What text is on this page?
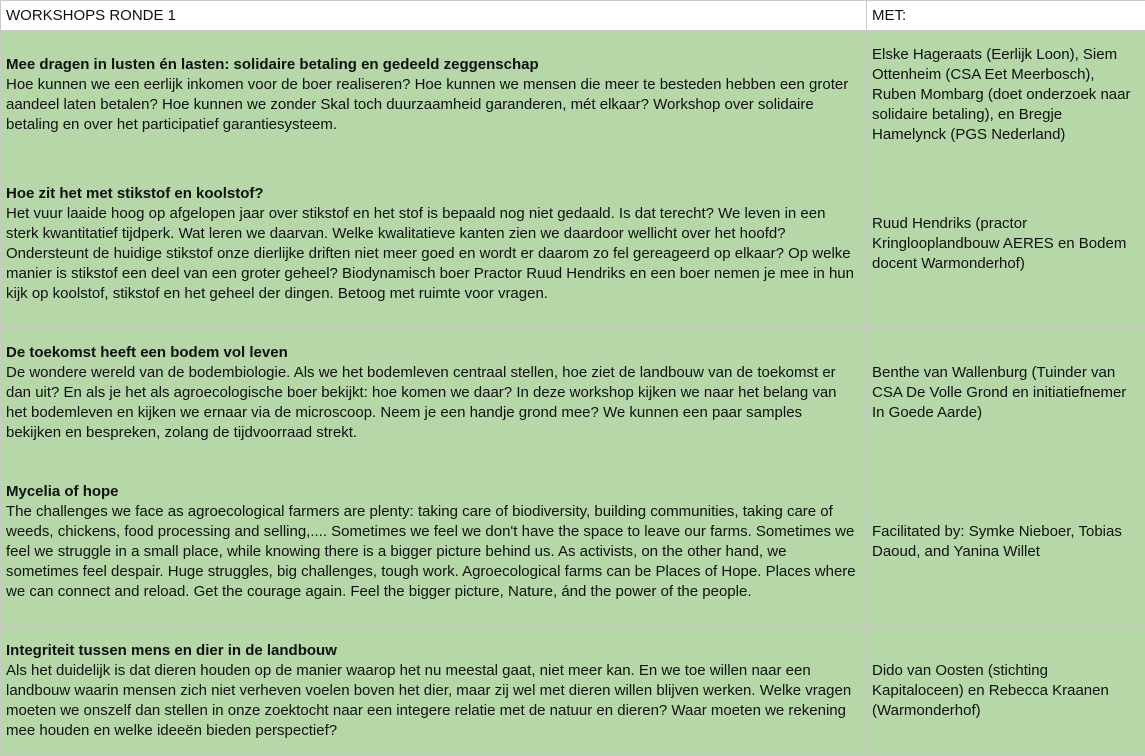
WORKSHOPS RONDE 1	MET:

Mee dragen in lusten én lasten: solidaire betaling en gedeeld zeggenschap
Hoe kunnen we een eerlijk inkomen voor de boer realiseren? Hoe kunnen we mensen die meer te besteden hebben een groter aandeel laten betalen? Hoe kunnen we zonder Skal toch duurzaamheid garanderen, mét elkaar? Workshop over solidaire betaling en over het participatief garantiesysteem.	Elske Hageraats (Eerlijk Loon), Siem Ottenheim (CSA Eet Meerbosch), Ruben Mombarg (doet onderzoek naar solidaire betaling), en Bregje Hamelynck (PGS Nederland)

Hoe zit het met stikstof en koolstof?
Het vuur laaide hoog op afgelopen jaar over stikstof en het stof is bepaald nog niet gedaald. Is dat terecht? We leven in een sterk kwantitatief tijdperk. Wat leren we daarvan. Welke kwalitatieve kanten zien we daardoor wellicht over het hoofd? Ondersteunt de huidige stikstof onze dierlijke driften niet meer goed en wordt er daarom zo fel gereageerd op elkaar? Op welke manier is stikstof een deel van een groter geheel? Biodynamisch boer Practor Ruud Hendriks en een boer nemen je mee in hun kijk op koolstof, stikstof en het geheel der dingen. Betoog met ruimte voor vragen.	Ruud Hendriks (practor Kringlooplandbouw AERES en Bodem docent Warmonderhof)

De toekomst heeft een bodem vol leven
De wondere wereld van de bodembiologie. Als we het bodemleven centraal stellen, hoe ziet de landbouw van de toekomst er dan uit? En als je het als agroecologische boer bekijkt: hoe komen we daar? In deze workshop kijken we naar het belang van het bodemleven en kijken we ernaar via de microscoop. Neem je een handje grond mee? We kunnen een paar samples bekijken en bespreken, zolang de tijdvoorraad strekt.	Benthe van Wallenburg (Tuinder van CSA De Volle Grond en initiatiefnemer In Goede Aarde)

Mycelia of hope
The challenges we face as agroecological farmers are plenty: taking care of biodiversity, building communities, taking care of weeds, chickens, food processing and selling,.... Sometimes we feel we don't have the space to leave our farms. Sometimes we feel we struggle in a small place, while knowing there is a bigger picture behind us. As activists, on the other hand, we sometimes feel despair. Huge struggles, big challenges, tough work. Agroecological farms can be Places of Hope. Places where we can connect and reload. Get the courage again. Feel the bigger picture, Nature, ánd the power of the people.	Facilitated by: Symke Nieboer, Tobias Daoud, and Yanina Willet

Integriteit tussen mens en dier in de landbouw
Als het duidelijk is dat dieren houden op de manier waarop het nu meestal gaat, niet meer kan. En we toe willen naar een landbouw waarin mensen zich niet verheven voelen boven het dier, maar zij wel met dieren willen blijven werken. Welke vragen moeten we onszelf dan stellen in onze zoektocht naar een integere relatie met de natuur en dieren? Waar moeten we rekening mee houden en welke ideeën bieden perspectief?	Dido van Oosten (stichting Kapitaloceen) en Rebecca Kraanen (Warmonderhof)
